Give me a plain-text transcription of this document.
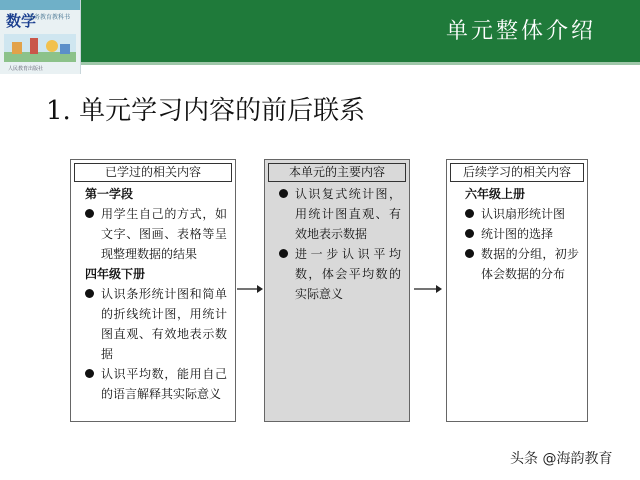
数学
义务教育教科书
人民教育出版社
单元整体介绍
1. 单元学习内容的前后联系
已学过的相关内容
第一学段
用学生自己的方式，如文字、图画、表格等呈现整理数据的结果
四年级下册
认识条形统计图和简单的折线统计图，用统计图直观、有效地表示数据
认识平均数，能用自己的语言解释其实际意义
本单元的主要内容
认识复式统计图，用统计图直观、有效地表示数据
进一步认识平均数，体会平均数的实际意义
后续学习的相关内容
六年级上册
认识扇形统计图
统计图的选择
数据的分组，初步体会数据的分布
头条 @海韵教育
